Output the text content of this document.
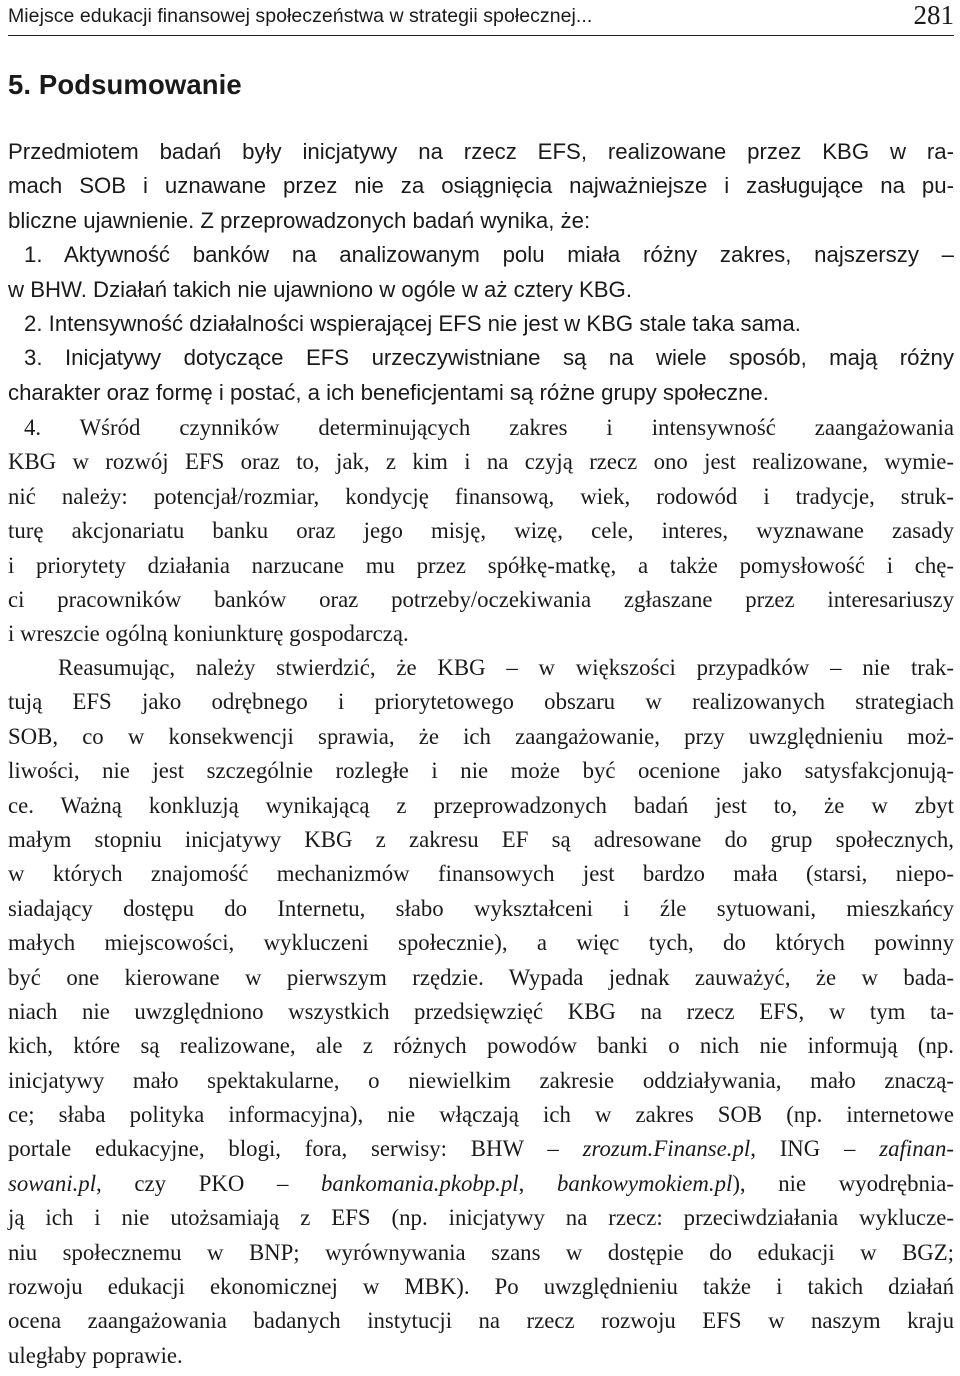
Miejsce edukacji finansowej społeczeństwa w strategii społecznej...	281
5. Podsumowanie
Przedmiotem badań były inicjatywy na rzecz EFS, realizowane przez KBG w ra-
mach SOB i uznawane przez nie za osiągnięcia najważniejsze i zasługujące na pu-
bliczne ujawnienie. Z przeprowadzonych badań wynika, że:
1. Aktywność banków na analizowanym polu miała różny zakres, najszerszy –
w BHW. Działań takich nie ujawniono w ogóle w aż cztery KBG.
2. Intensywność działalności wspierającej EFS nie jest w KBG stale taka sama.
3. Inicjatywy dotyczące EFS urzeczywistniane są na wiele sposób, mają różny
charakter oraz formę i postać, a ich beneficjentami są różne grupy społeczne.
4. Wśród czynników determinujących zakres i intensywność zaangażowania
KBG w rozwój EFS oraz to, jak, z kim i na czyją rzecz ono jest realizowane, wymie-
nić należy: potencjał/rozmiar, kondycję finansową, wiek, rodowód i tradycje, struk-
turę akcjonariatu banku oraz jego misję, wizę, cele, interes, wyznawane zasady
i priorytety działania narzucane mu przez spółkę-matkę, a także pomysłowość i chę-
ci pracowników banków oraz potrzeby/oczekiwania zgłaszane przez interesariuszy
i wreszcie ogólną koniunkturę gospodarczą.
Reasumując, należy stwierdzić, że KBG – w większości przypadków – nie trak-
tują EFS jako odrębnego i priorytetowego obszaru w realizowanych strategiach
SOB, co w konsekwencji sprawia, że ich zaangażowanie, przy uwzględnieniu moż-
liwości, nie jest szczególnie rozległe i nie może być ocenione jako satysfakcjonują-
ce. Ważną konkluzją wynikającą z przeprowadzonych badań jest to, że w zbyt
małym stopniu inicjatywy KBG z zakresu EF są adresowane do grup społecznych,
w których znajomość mechanizmów finansowych jest bardzo mała (starsi, niepo-
siadający dostępu do Internetu, słabo wykształceni i źle sytuowani, mieszkańcy
małych miejscowości, wykluczeni społecznie), a więc tych, do których powinny
być one kierowane w pierwszym rzędzie. Wypada jednak zauważyć, że w bada-
niach nie uwzględniono wszystkich przedsięwzięć KBG na rzecz EFS, w tym ta-
kich, które są realizowane, ale z różnych powodów banki o nich nie informują (np.
inicjatywy mało spektakularne, o niewielkim zakresie oddziaływania, mało znaczą-
ce; słaba polityka informacyjna), nie włączają ich w zakres SOB (np. internetowe
portale edukacyjne, blogi, fora, serwisy: BHW – zrozum.Finanse.pl, ING – zafinan-
sowani.pl, czy PKO – bankomania.pkobp.pl, bankowymokiem.pl), nie wyodrębnia-
ją ich i nie utożsamiają z EFS (np. inicjatywy na rzecz: przeciwdziałania wyklucze-
niu społecznemu w BNP; wyrównywania szans w dostępie do edukacji w BGZ;
rozwoju edukacji ekonomicznej w MBK). Po uwzględnieniu także i takich działań
ocena zaangażowania badanych instytucji na rzecz rozwoju EFS w naszym kraju
uległaby poprawie.
